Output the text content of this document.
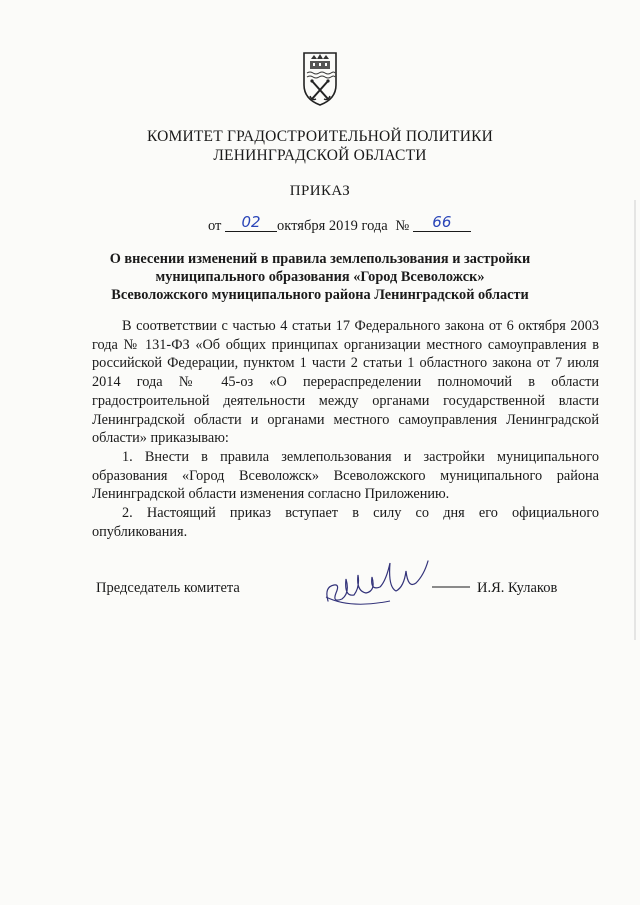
КОМИТЕТ ГРАДОСТРОИТЕЛЬНОЙ ПОЛИТИКИ
ЛЕНИНГРАДСКОЙ ОБЛАСТИ
ПРИКАЗ
от 02 октября 2019 года № 66
О внесении изменений в правила землепользования и застройки
муниципального образования «Город Всеволожск»
Всеволожского муниципального района Ленинградской области

В соответствии с частью 4 статьи 17 Федерального закона от 6 октября 2003 года № 131-ФЗ «Об общих принципах организации местного самоуправления в российской Федерации, пунктом 1 части 2 статьи 1 областного закона от 7 июля 2014 года № 45-оз «О перераспределении полномочий в области градостроительной деятельности между органами государственной власти Ленинградской области и органами местного самоуправления Ленинградской области» приказываю:

1. Внести в правила землепользования и застройки муниципального образования «Город Всеволожск» Всеволожского муниципального района Ленинградской области изменения согласно Приложению.

2. Настоящий приказ вступает в силу со дня его официального опубликования.

Председатель комитета	И.Я. Кулаков
